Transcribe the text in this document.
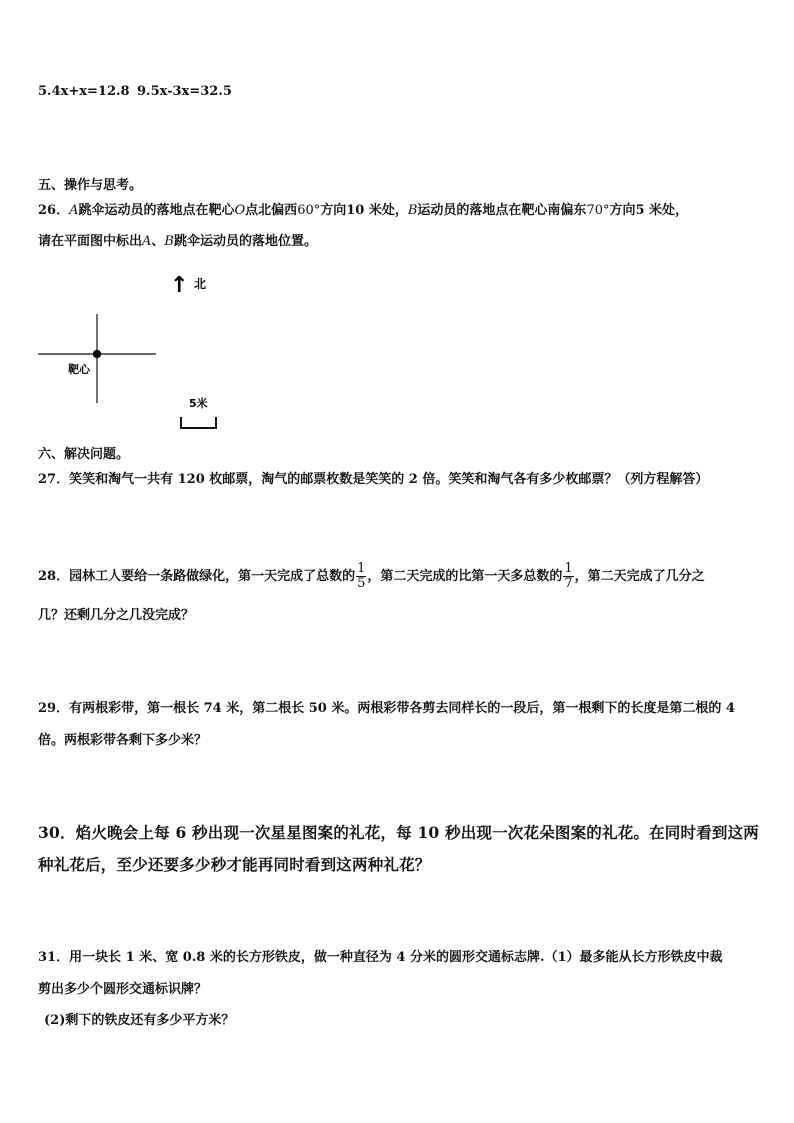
5.4x+x=12.8 9.5x-3x=32.5
五、操作与思考。
26．A跳伞运动员的落地点在靶心O点北偏西60°方向10 米处，B运动员的落地点在靶心南偏东70°方向5 米处，
请在平面图中标出A、B跳伞运动员的落地位置。
↑ 北
靶心
5米
六、解决问题。
27．笑笑和淘气一共有 120 枚邮票，淘气的邮票枚数是笑笑的 2 倍。笑笑和淘气各有多少枚邮票？（列方程解答）
28．园林工人要给一条路做绿化，第一天完成了总数的 $\frac{1}{5}$ ，第二天完成的比第一天多总数的 $\frac{1}{7}$ ，第二天完成了几分之
几？还剩几分之几没完成？
29．有两根彩带，第一根长 74 米，第二根长 50 米。两根彩带各剪去同样长的一段后，第一根剩下的长度是第二根的 4
倍。两根彩带各剩下多少米？
30．焰火晚会上每 6 秒出现一次星星图案的礼花，每 10 秒出现一次花朵图案的礼花。在同时看到这两
种礼花后，至少还要多少秒才能再同时看到这两种礼花？
31．用一块长 1 米、宽 0.8 米的长方形铁皮，做一种直径为 4 分米的圆形交通标志牌.（1）最多能从长方形铁皮中裁
剪出多少个圆形交通标识牌？
(2)剩下的铁皮还有多少平方米？
